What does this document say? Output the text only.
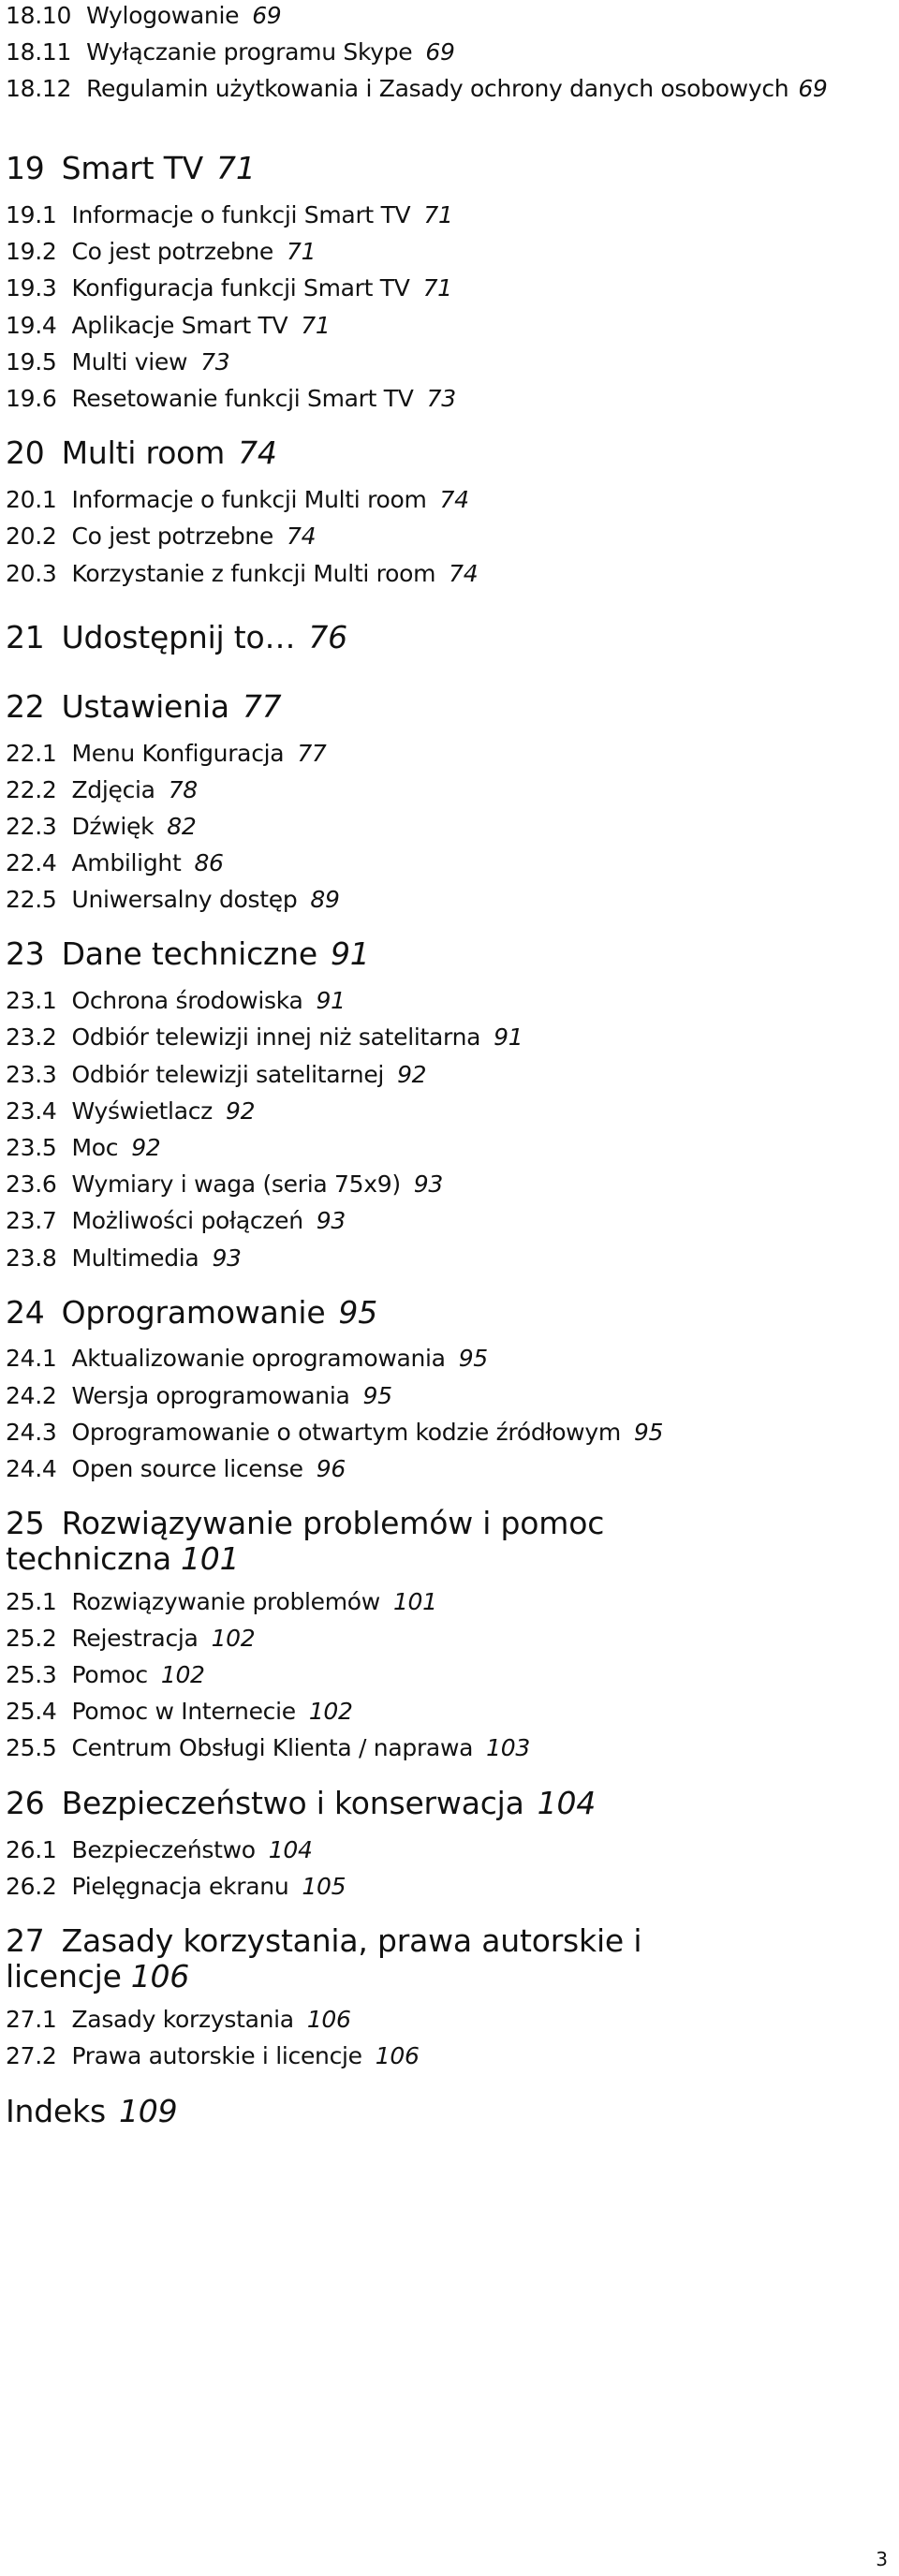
18.10 Wylogowanie 69
18.11 Wyłączanie programu Skype 69
18.12 Regulamin użytkowania i Zasady ochrony danych osobowych 69
19 Smart TV 71
19.1 Informacje o funkcji Smart TV 71
19.2 Co jest potrzebne 71
19.3 Konfiguracja funkcji Smart TV 71
19.4 Aplikacje Smart TV 71
19.5 Multi view 73
19.6 Resetowanie funkcji Smart TV 73
20 Multi room 74
20.1 Informacje o funkcji Multi room 74
20.2 Co jest potrzebne 74
20.3 Korzystanie z funkcji Multi room 74
21 Udostępnij to… 76
22 Ustawienia 77
22.1 Menu Konfiguracja 77
22.2 Zdjęcia 78
22.3 Dźwięk 82
22.4 Ambilight 86
22.5 Uniwersalny dostęp 89
23 Dane techniczne 91
23.1 Ochrona środowiska 91
23.2 Odbiór telewizji innej niż satelitarna 91
23.3 Odbiór telewizji satelitarnej 92
23.4 Wyświetlacz 92
23.5 Moc 92
23.6 Wymiary i waga (seria 75x9) 93
23.7 Możliwości połączeń 93
23.8 Multimedia 93
24 Oprogramowanie 95
24.1 Aktualizowanie oprogramowania 95
24.2 Wersja oprogramowania 95
24.3 Oprogramowanie o otwartym kodzie źródłowym 95
24.4 Open source license 96
25 Rozwiązywanie problemów i pomoc techniczna 101
25.1 Rozwiązywanie problemów 101
25.2 Rejestracja 102
25.3 Pomoc 102
25.4 Pomoc w Internecie 102
25.5 Centrum Obsługi Klienta / naprawa 103
26 Bezpieczeństwo i konserwacja 104
26.1 Bezpieczeństwo 104
26.2 Pielęgnacja ekranu 105
27 Zasady korzystania, prawa autorskie i licencje 106
27.1 Zasady korzystania 106
27.2 Prawa autorskie i licencje 106
Indeks 109
3
